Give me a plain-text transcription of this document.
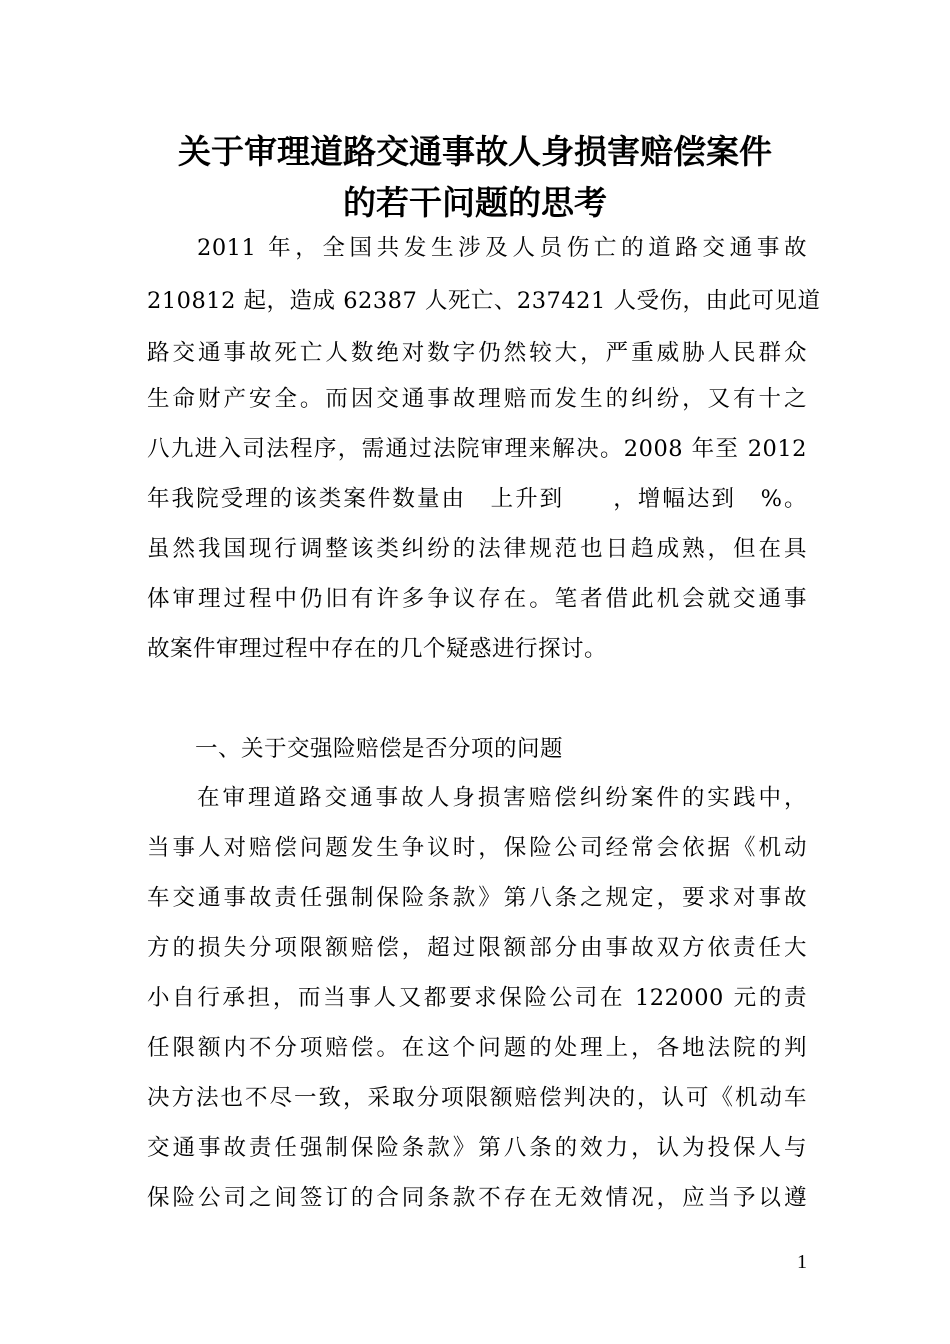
关于审理道路交通事故人身损害赔偿案件
的若干问题的思考
2011 年，全国共发生涉及人员伤亡的道路交通事故
210812 起，造成 62387 人死亡、237421 人受伤，由此可见道
路交通事故死亡人数绝对数字仍然较大，严重威胁人民群众
生命财产安全。而因交通事故理赔而发生的纠纷，又有十之
八九进入司法程序，需通过法院审理来解决。2008 年至 2012
年我院受理的该类案件数量由　上升到　　，增幅达到　%。
虽然我国现行调整该类纠纷的法律规范也日趋成熟，但在具
体审理过程中仍旧有许多争议存在。笔者借此机会就交通事
故案件审理过程中存在的几个疑惑进行探讨。
一、关于交强险赔偿是否分项的问题
在审理道路交通事故人身损害赔偿纠纷案件的实践中，
当事人对赔偿问题发生争议时，保险公司经常会依据《机动
车交通事故责任强制保险条款》第八条之规定，要求对事故
方的损失分项限额赔偿，超过限额部分由事故双方依责任大
小自行承担，而当事人又都要求保险公司在 122000 元的责
任限额内不分项赔偿。在这个问题的处理上，各地法院的判
决方法也不尽一致，采取分项限额赔偿判决的，认可《机动车
交通事故责任强制保险条款》第八条的效力，认为投保人与
保险公司之间签订的合同条款不存在无效情况，应当予以遵
1
